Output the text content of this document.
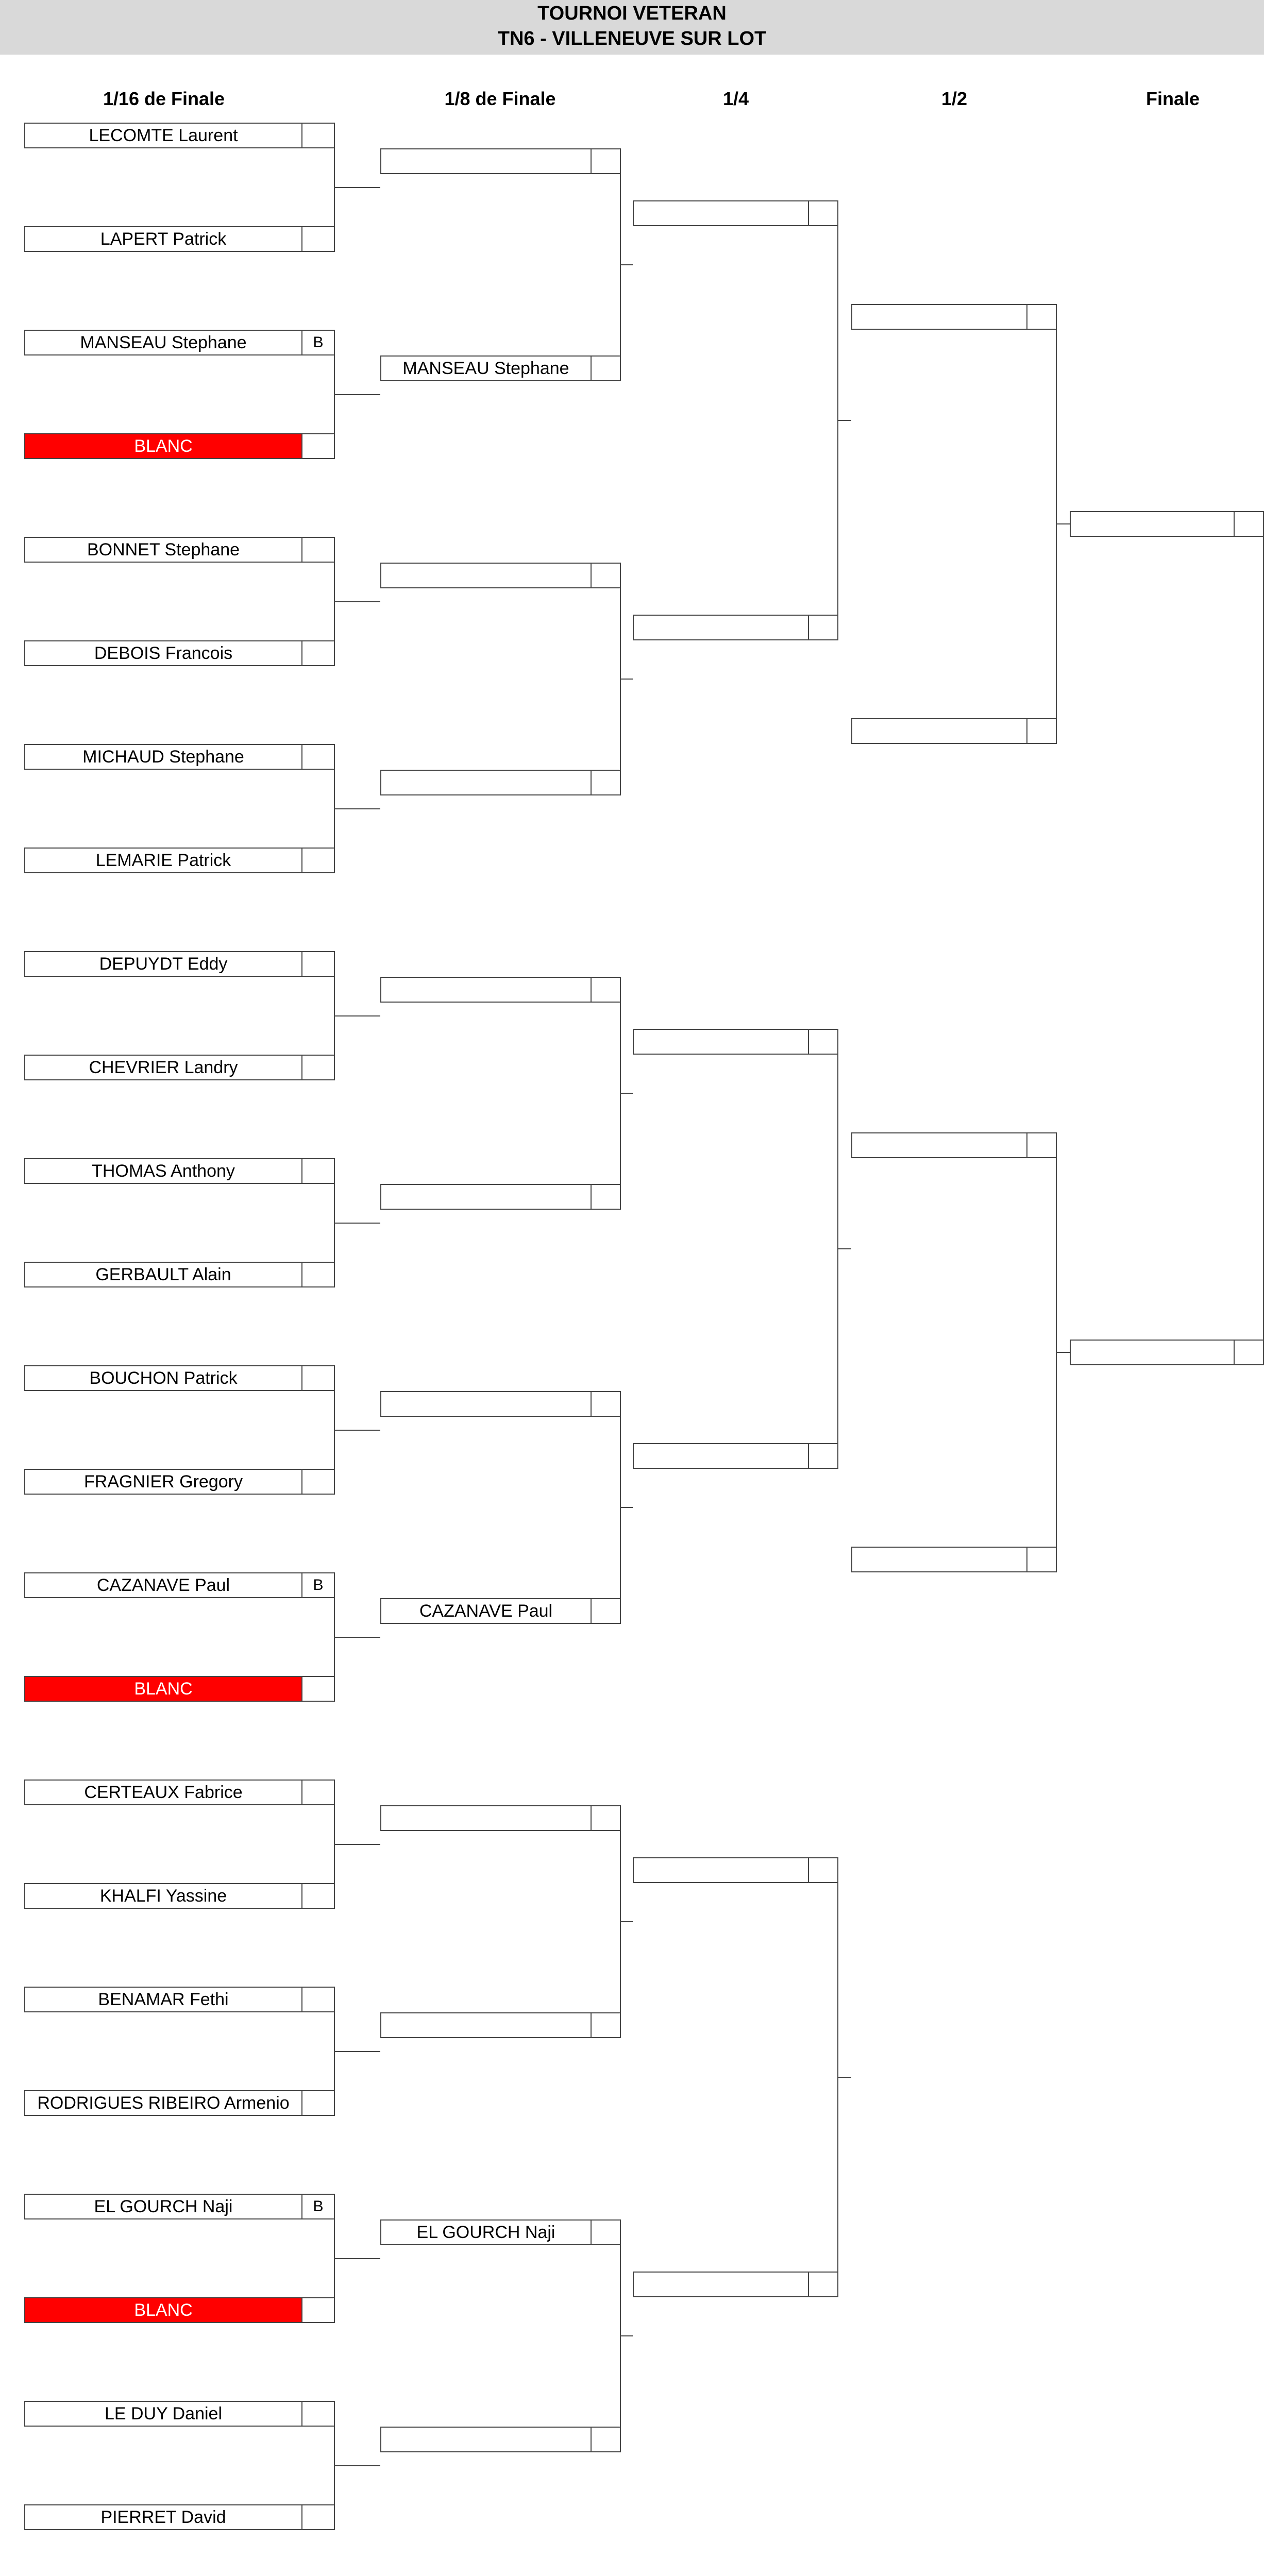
TOURNOI VETERAN
TN6 - VILLENEUVE SUR LOT
1/16 de Finale	1/8 de Finale	1/4	1/2	Finale
LECOMTE Laurent
LAPERT Patrick
MANSEAU Stephane	B
BLANC
BONNET Stephane
DEBOIS Francois
MICHAUD Stephane
LEMARIE Patrick
DEPUYDT Eddy
CHEVRIER Landry
THOMAS Anthony
GERBAULT Alain
BOUCHON Patrick
FRAGNIER Gregory
CAZANAVE Paul	B
BLANC
CERTEAUX Fabrice
KHALFI Yassine
BENAMAR Fethi
RODRIGUES RIBEIRO Armenio
EL GOURCH Naji	B
BLANC
LE DUY Daniel
PIERRET David
MANSEAU Stephane
CAZANAVE Paul
EL GOURCH Naji
